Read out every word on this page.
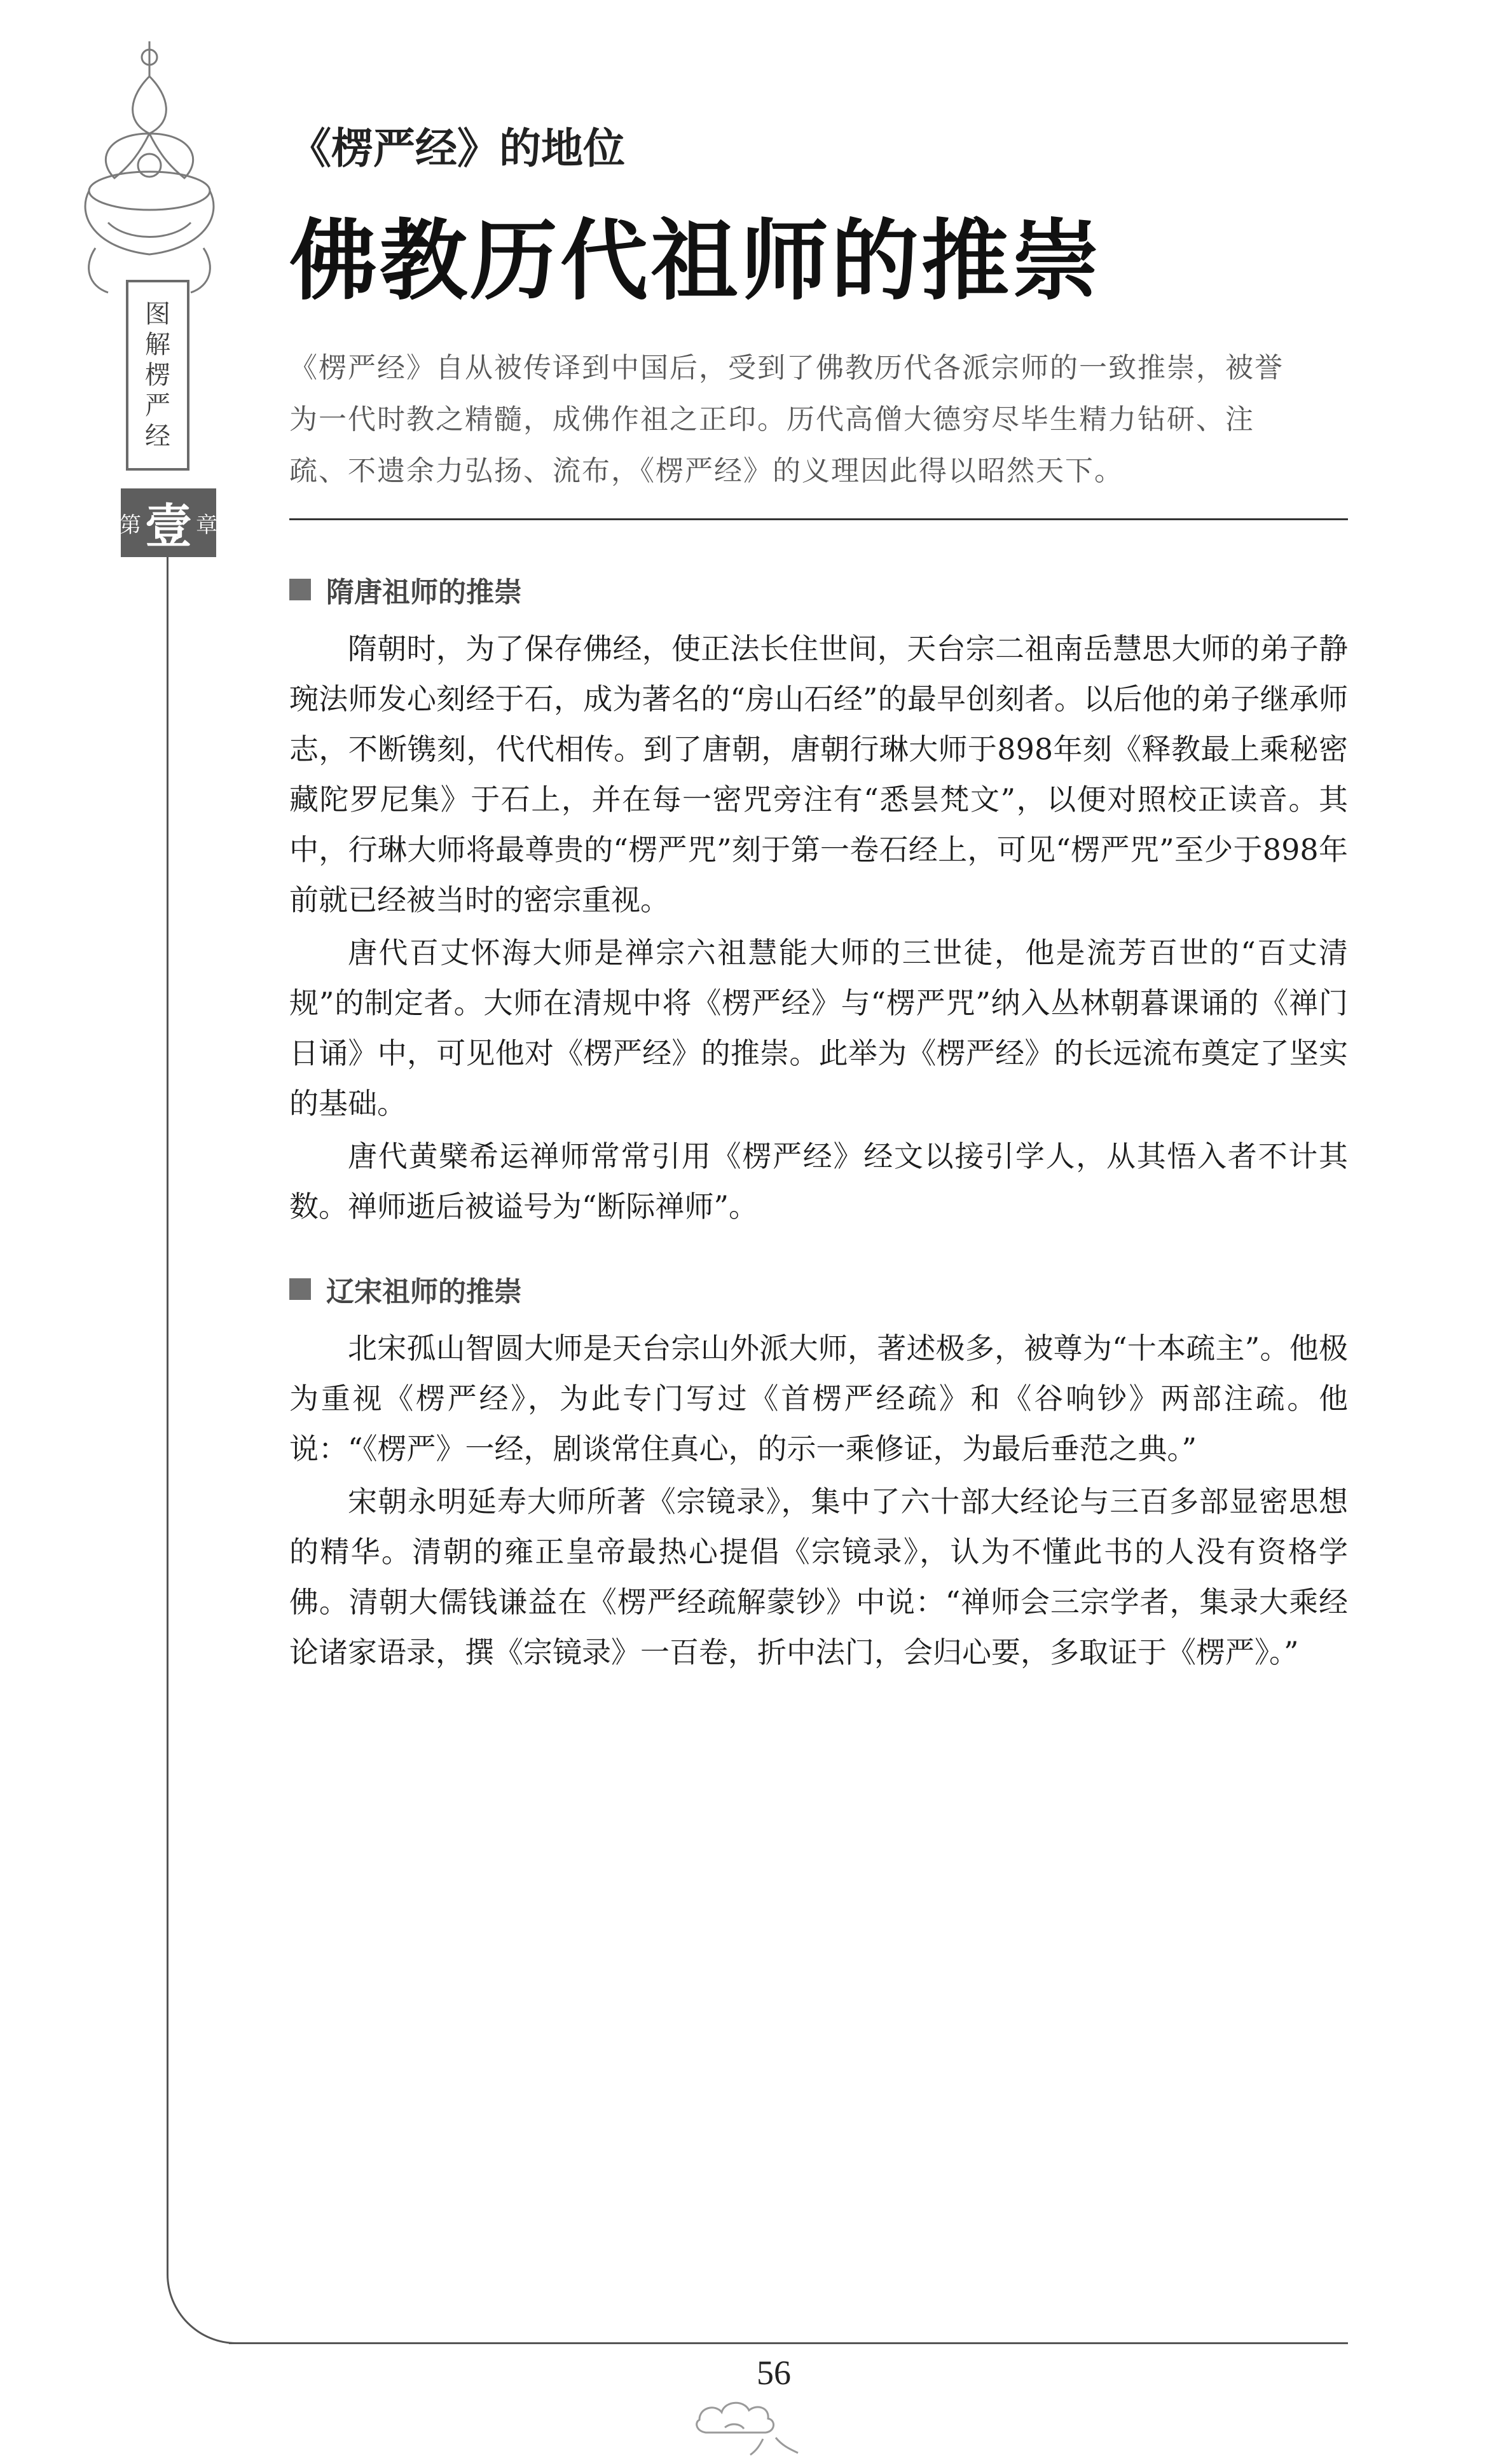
图
解
楞
严
经
第 壹 章
《楞严经》的地位
佛教历代祖师的推崇
《楞严经》自从被传译到中国后，受到了佛教历代各派宗师的一致推崇，被誉
为一代时教之精髓，成佛作祖之正印。历代高僧大德穷尽毕生精力钻研、注
疏、不遗余力弘扬、流布，《楞严经》的义理因此得以昭然天下。
隋唐祖师的推崇

隋朝时，为了保存佛经，使正法长住世间，天台宗二祖南岳慧思大师的弟子静琬法师发心刻经于石，成为著名的“房山石经”的最早创刻者。以后他的弟子继承师志，不断镌刻，代代相传。到了唐朝，唐朝行琳大师于898年刻《释教最上乘秘密藏陀罗尼集》于石上，并在每一密咒旁注有“悉昙梵文”，以便对照校正读音。其中，行琳大师将最尊贵的“楞严咒”刻于第一卷石经上，可见“楞严咒”至少于898年前就已经被当时的密宗重视。

唐代百丈怀海大师是禅宗六祖慧能大师的三世徒，他是流芳百世的“百丈清规”的制定者。大师在清规中将《楞严经》与“楞严咒”纳入丛林朝暮课诵的《禅门日诵》中，可见他对《楞严经》的推崇。此举为《楞严经》的长远流布奠定了坚实的基础。

唐代黄檗希运禅师常常引用《楞严经》经文以接引学人，从其悟入者不计其数。禅师逝后被谥号为“断际禅师”。

辽宋祖师的推崇

北宋孤山智圆大师是天台宗山外派大师，著述极多，被尊为“十本疏主”。他极为重视《楞严经》，为此专门写过《首楞严经疏》和《谷响钞》两部注疏。他说：“《楞严》一经，剧谈常住真心，的示一乘修证，为最后垂范之典。”

宋朝永明延寿大师所著《宗镜录》，集中了六十部大经论与三百多部显密思想的精华。清朝的雍正皇帝最热心提倡《宗镜录》，认为不懂此书的人没有资格学佛。清朝大儒钱谦益在《楞严经疏解蒙钞》中说：“禅师会三宗学者，集录大乘经论诸家语录，撰《宗镜录》一百卷，折中法门，会归心要，多取证于《楞严》。”

56
